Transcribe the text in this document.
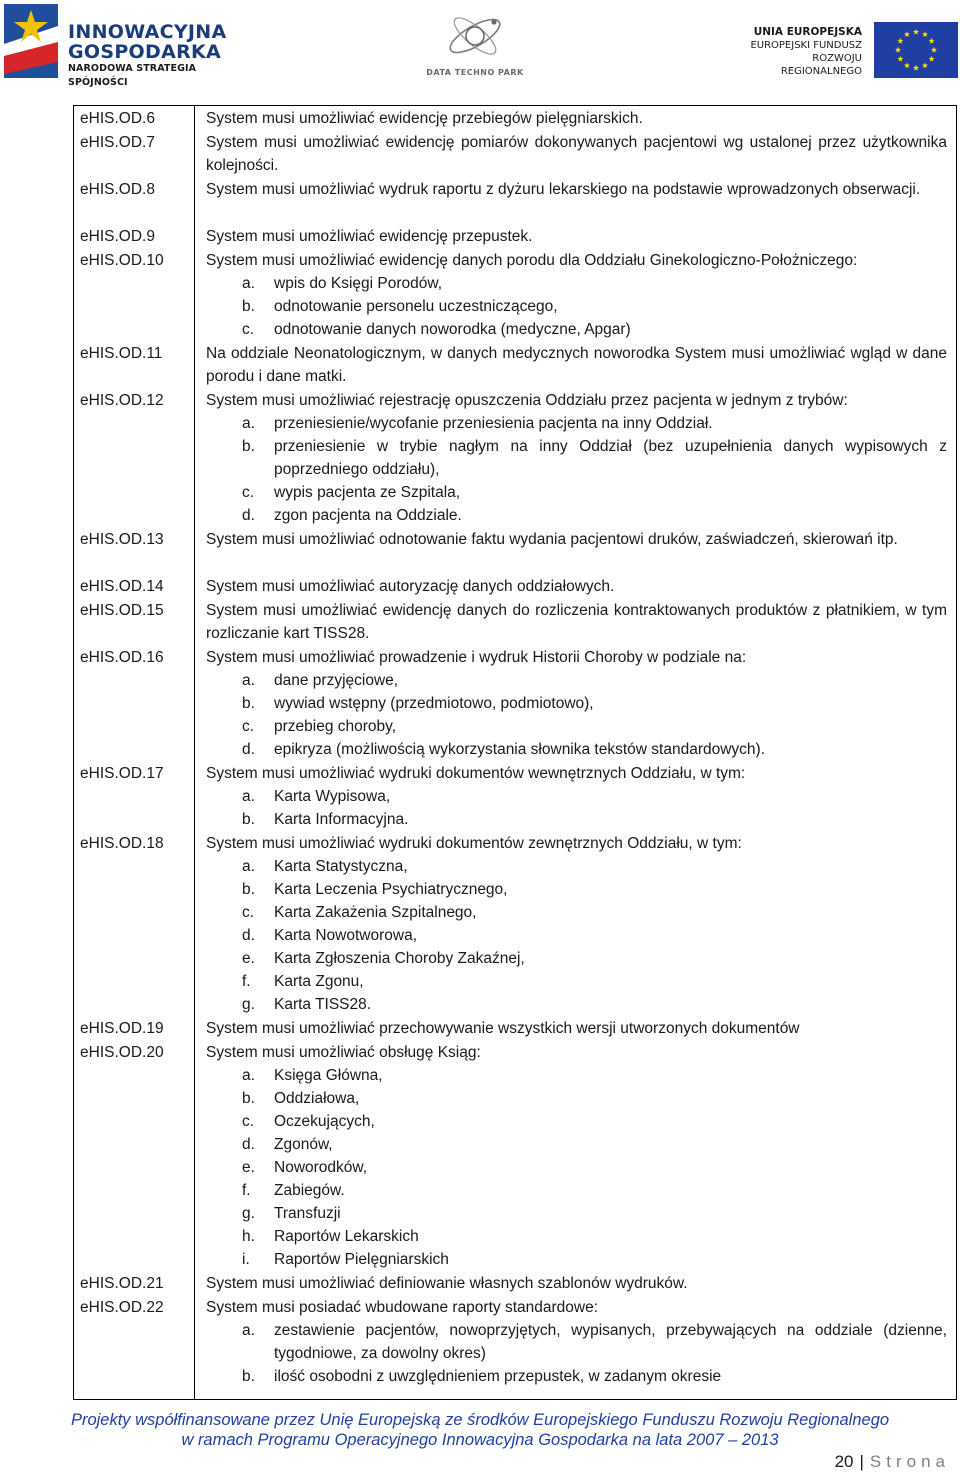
INNOWACYJNA
GOSPODARKA
NARODOWA STRATEGIA SPÓJNOŚCI
DATA TECHNO PARK
UNIA EUROPEJSKA
EUROPEJSKI FUNDUSZ
ROZWOJU REGIONALNEGO
eHIS.OD.6	System musi umożliwiać ewidencję przebiegów pielęgniarskich.
eHIS.OD.7	System musi umożliwiać ewidencję pomiarów dokonywanych pacjentowi wg ustalonej przez użytkownika kolejności.
eHIS.OD.8	System musi umożliwiać wydruk raportu z dyżuru lekarskiego na podstawie wprowadzonych obserwacji.
eHIS.OD.9	System musi umożliwiać ewidencję przepustek.
eHIS.OD.10	System musi umożliwiać ewidencję danych porodu dla Oddziału Ginekologiczno-Położniczego:
a. wpis do Księgi Porodów,
b. odnotowanie personelu uczestniczącego,
c. odnotowanie danych noworodka (medyczne, Apgar)
eHIS.OD.11	Na oddziale Neonatologicznym, w danych medycznych noworodka System musi umożliwiać wgląd w dane porodu i dane matki.
eHIS.OD.12	System musi umożliwiać rejestrację opuszczenia Oddziału przez pacjenta w jednym z trybów:
a. przeniesienie/wycofanie przeniesienia pacjenta na inny Oddział.
b. przeniesienie w trybie nagłym na inny Oddział (bez uzupełnienia danych wypisowych z poprzedniego oddziału),
c. wypis pacjenta ze Szpitala,
d. zgon pacjenta na Oddziale.
eHIS.OD.13	System musi umożliwiać odnotowanie faktu wydania pacjentowi druków, zaświadczeń, skierowań itp.
eHIS.OD.14	System musi umożliwiać autoryzację danych oddziałowych.
eHIS.OD.15	System musi umożliwiać ewidencję danych do rozliczenia kontraktowanych produktów z płatnikiem, w tym rozliczanie kart TISS28.
eHIS.OD.16	System musi umożliwiać prowadzenie i wydruk Historii Choroby w podziale na:
a. dane przyjęciowe,
b. wywiad wstępny (przedmiotowo, podmiotowo),
c. przebieg choroby,
d. epikryza (możliwością wykorzystania słownika tekstów standardowych).
eHIS.OD.17	System musi umożliwiać wydruki dokumentów wewnętrznych Oddziału, w tym:
a. Karta Wypisowa,
b. Karta Informacyjna.
eHIS.OD.18	System musi umożliwiać wydruki dokumentów zewnętrznych Oddziału, w tym:
a. Karta Statystyczna,
b. Karta Leczenia Psychiatrycznego,
c. Karta Zakażenia Szpitalnego,
d. Karta Nowotworowa,
e. Karta Zgłoszenia Choroby Zakaźnej,
f. Karta Zgonu,
g. Karta TISS28.
eHIS.OD.19	System musi umożliwiać przechowywanie wszystkich wersji utworzonych dokumentów
eHIS.OD.20	System musi umożliwiać obsługę Ksiąg:
a. Księga Główna,
b. Oddziałowa,
c. Oczekujących,
d. Zgonów,
e. Noworodków,
f. Zabiegów.
g. Transfuzji
h. Raportów Lekarskich
i. Raportów Pielęgniarskich
eHIS.OD.21	System musi umożliwiać definiowanie własnych szablonów wydruków.
eHIS.OD.22	System musi posiadać wbudowane raporty standardowe:
a. zestawienie pacjentów, nowoprzyjętych, wypisanych, przebywających na oddziale (dzienne, tygodniowe, za dowolny okres)
b. ilość osobodni z uwzględnieniem przepustek, w zadanym okresie
Projekty współfinansowane przez Unię Europejską ze środków Europejskiego Funduszu Rozwoju Regionalnego
w ramach Programu Operacyjnego Innowacyjna Gospodarka na lata 2007 – 2013
20 | Strona
